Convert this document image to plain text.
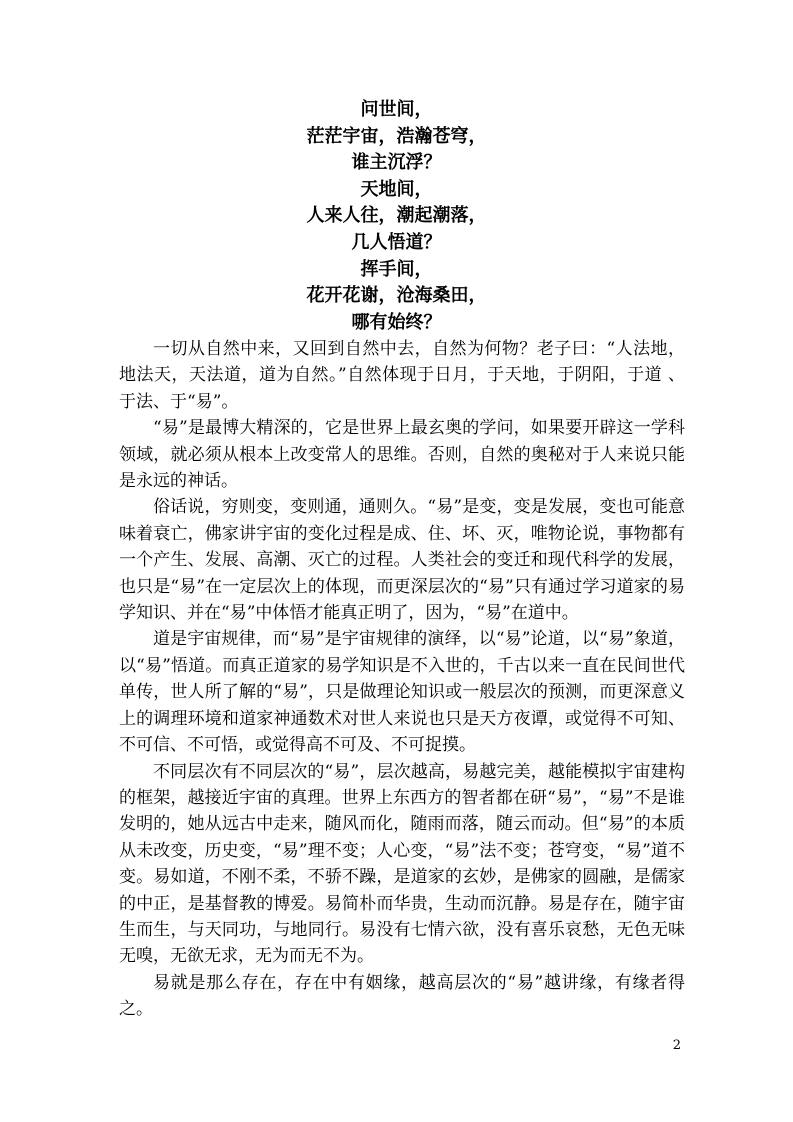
问世间，
茫茫宇宙，浩瀚苍穹，
谁主沉浮？
天地间，
人来人往，潮起潮落，
几人悟道？
挥手间，
花开花谢，沧海桑田，
哪有始终？

一切从自然中来，又回到自然中去，自然为何物？老子曰：“人法地，地法天，天法道，道为自然。”自然体现于日月，于天地，于阴阳，于道 、于法、于“易”。

“易”是最博大精深的，它是世界上最玄奥的学问，如果要开辟这一学科领域，就必须从根本上改变常人的思维。否则，自然的奥秘对于人来说只能是永远的神话。

俗话说，穷则变，变则通，通则久。“易”是变，变是发展，变也可能意味着衰亡，佛家讲宇宙的变化过程是成、住、坏、灭，唯物论说，事物都有一个产生、发展、高潮、灭亡的过程。人类社会的变迁和现代科学的发展，也只是“易”在一定层次上的体现，而更深层次的“易”只有通过学习道家的易学知识、并在“易”中体悟才能真正明了，因为，“易”在道中。

道是宇宙规律，而“易”是宇宙规律的演绎，以“易”论道，以“易”象道，以“易”悟道。而真正道家的易学知识是不入世的，千古以来一直在民间世代单传，世人所了解的“易”，只是做理论知识或一般层次的预测，而更深意义上的调理环境和道家神通数术对世人来说也只是天方夜谭，或觉得不可知、不可信、不可悟，或觉得高不可及、不可捉摸。

不同层次有不同层次的“易”，层次越高，易越完美，越能模拟宇宙建构的框架，越接近宇宙的真理。世界上东西方的智者都在研“易”，“易”不是谁发明的，她从远古中走来，随风而化，随雨而落，随云而动。但“易”的本质从未改变，历史变，“易”理不变；人心变，“易”法不变；苍穹变，“易”道不变。易如道，不刚不柔，不骄不躁，是道家的玄妙，是佛家的圆融，是儒家的中正，是基督教的博爱。易简朴而华贵，生动而沉静。易是存在，随宇宙生而生，与天同功，与地同行。易没有七情六欲，没有喜乐哀愁，无色无味无嗅，无欲无求，无为而无不为。

易就是那么存在，存在中有姻缘，越高层次的“易”越讲缘，有缘者得之。

2
